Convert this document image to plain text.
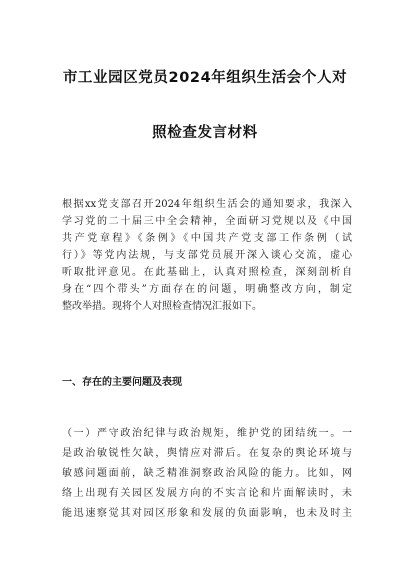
市工业园区党员2024年组织生活会个人对
照检查发言材料
根据xx党支部召开2024年组织生活会的通知要求，我深入
学习党的二十届三中全会精神，全面研习党规以及《中国
共产党章程》《条例》《中国共产党支部工作条例（试
行）》等党内法规，与支部党员展开深入谈心交流，虚心
听取批评意见。在此基础上，认真对照检查，深刻剖析自
身在“四个带头”方面存在的问题，明确整改方向，制定
整改举措。现将个人对照检查情况汇报如下。
一、存在的主要问题及表现
（一）严守政治纪律与政治规矩，维护党的团结统一。一
是政治敏锐性欠缺，舆情应对滞后。在复杂的舆论环境与
敏感问题面前，缺乏精准洞察政治风险的能力。比如，网
络上出现有关园区发展方向的不实言论和片面解读时，未
能迅速察觉其对园区形象和发展的负面影响，也未及时主
